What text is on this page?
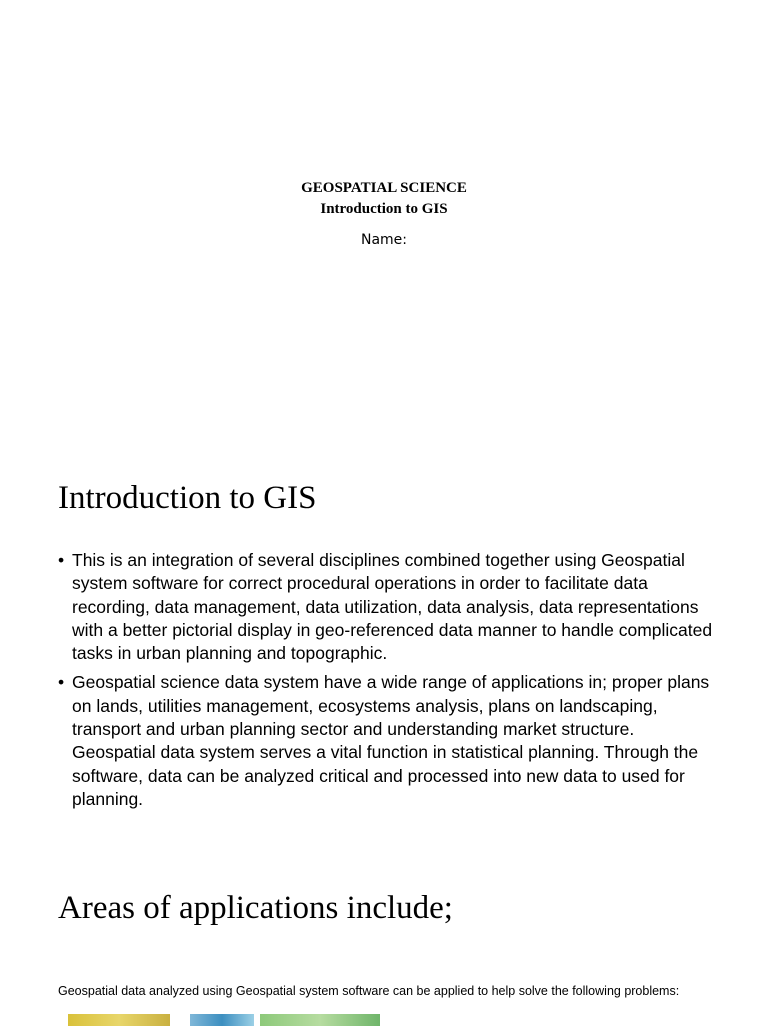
GEOSPATIAL SCIENCE
Introduction to GIS
Name:
Introduction to GIS
• This is an integration of several disciplines combined together using Geospatial system software for correct procedural operations in order to facilitate data recording, data management, data utilization, data analysis, data representations with a better pictorial display in geo-referenced data manner to handle complicated tasks in urban planning and topographic.
• Geospatial science data system have a wide range of applications in; proper plans on lands, utilities management, ecosystems analysis, plans on landscaping, transport and urban planning sector and understanding market structure. Geospatial data system serves a vital function in statistical planning. Through the software, data can be analyzed critical and processed into new data to used for planning.
Areas of applications include;
Geospatial data analyzed using Geospatial system software can be applied to help solve the following problems:
